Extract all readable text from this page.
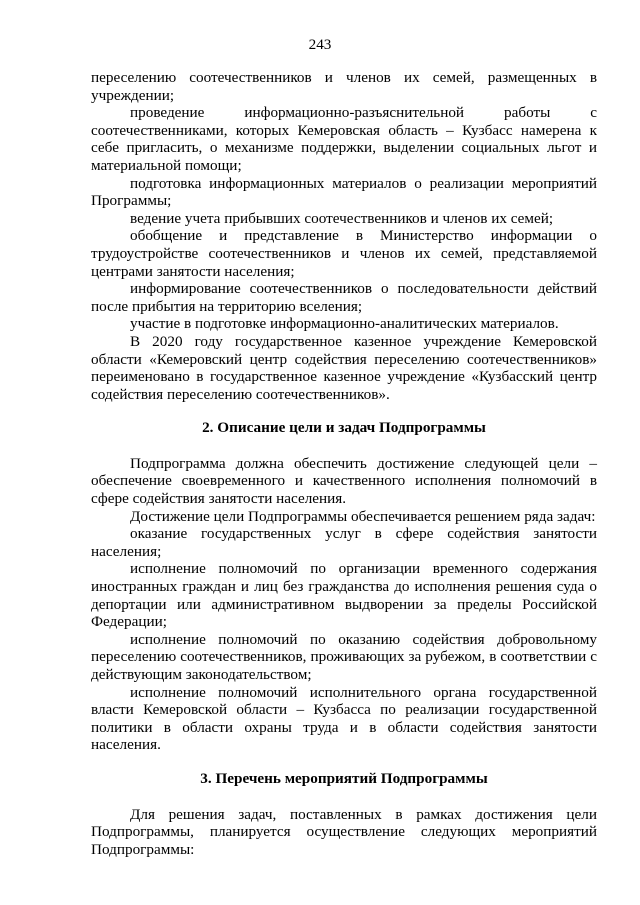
243

переселению соотечественников и членов их семей, размещенных в учреждении;

проведение информационно-разъяснительной работы с соотечественниками, которых Кемеровская область – Кузбасс намерена к себе пригласить, о механизме поддержки, выделении социальных льгот и материальной помощи;

подготовка информационных материалов о реализации мероприятий Программы;

ведение учета прибывших соотечественников и членов их семей;

обобщение и представление в Министерство информации о трудоустройстве соотечественников и членов их семей, представляемой центрами занятости населения;

информирование соотечественников о последовательности действий после прибытия на территорию вселения;

участие в подготовке информационно-аналитических материалов.

В 2020 году государственное казенное учреждение Кемеровской области «Кемеровский центр содействия переселению соотечественников» переименовано в государственное казенное учреждение «Кузбасский центр содействия переселению соотечественников».

2. Описание цели и задач Подпрограммы

Подпрограмма должна обеспечить достижение следующей цели – обеспечение своевременного и качественного исполнения полномочий в сфере содействия занятости населения.

Достижение цели Подпрограммы обеспечивается решением ряда задач:

оказание государственных услуг в сфере содействия занятости населения;

исполнение полномочий по организации временного содержания иностранных граждан и лиц без гражданства до исполнения решения суда о депортации или административном выдворении за пределы Российской Федерации;

исполнение полномочий по оказанию содействия добровольному переселению соотечественников, проживающих за рубежом, в соответствии с действующим законодательством;

исполнение полномочий исполнительного органа государственной власти Кемеровской области – Кузбасса по реализации государственной политики в области охраны труда и в области содействия занятости населения.

3. Перечень мероприятий Подпрограммы

Для решения задач, поставленных в рамках достижения цели Подпрограммы, планируется осуществление следующих мероприятий Подпрограммы:
